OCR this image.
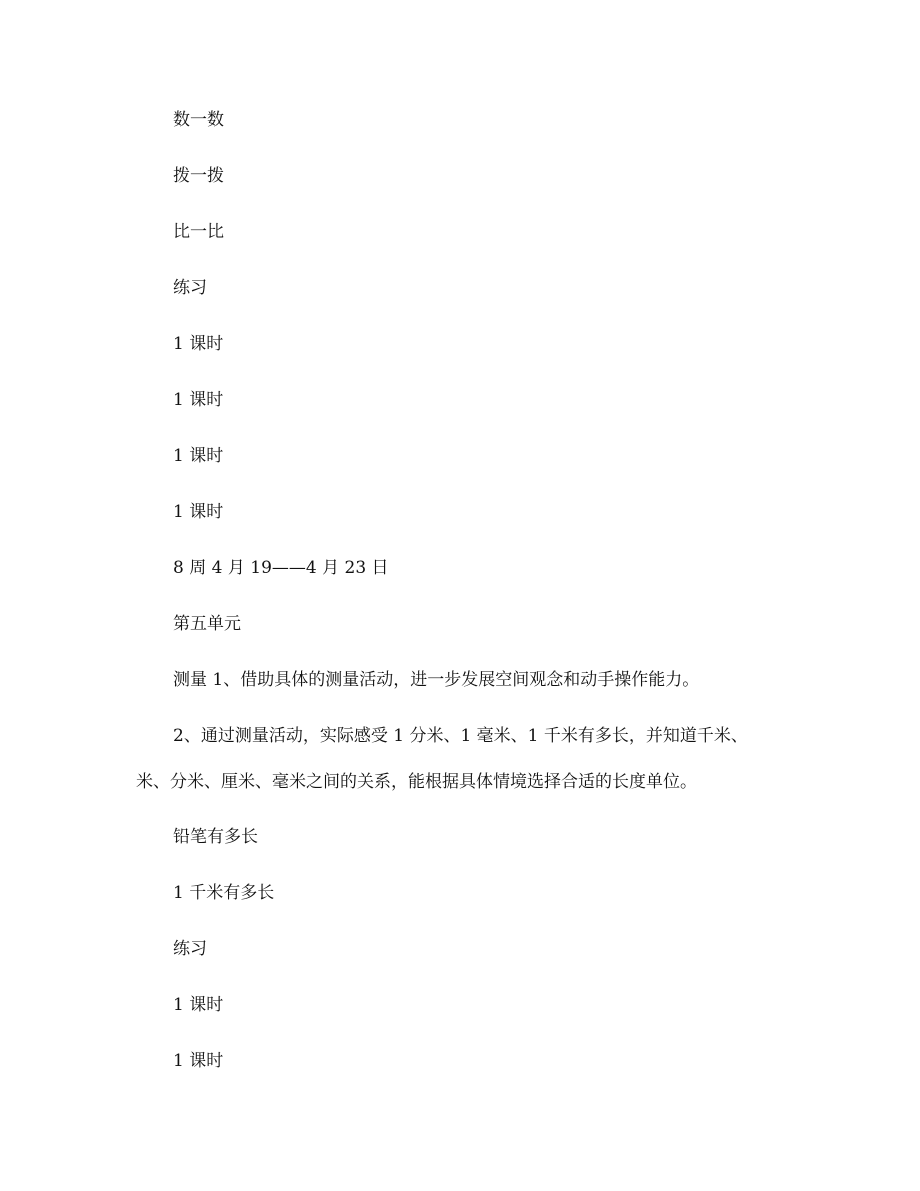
数一数

拨一拨

比一比

练习

1 课时

1 课时

1 课时

1 课时

8 周 4 月 19——4 月 23 日

第五单元

测量 1、借助具体的测量活动，进一步发展空间观念和动手操作能力。

2、通过测量活动，实际感受 1 分米、1 毫米、1 千米有多长，并知道千米、

米、分米、厘米、毫米之间的关系，能根据具体情境选择合适的长度单位。

铅笔有多长

1 千米有多长

练习

1 课时

1 课时
